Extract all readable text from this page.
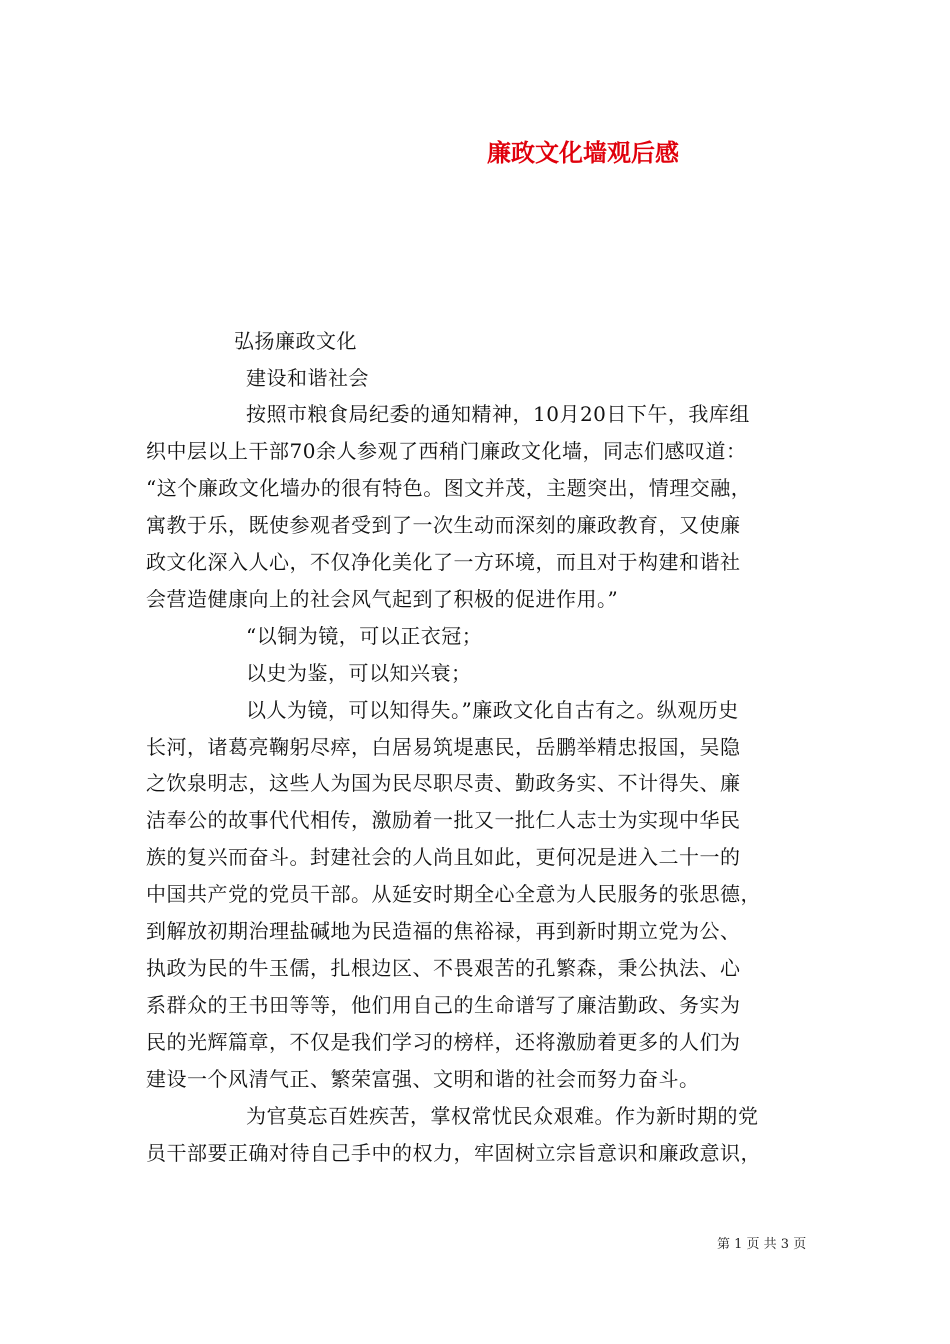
廉政文化墙观后感
弘扬廉政文化
建设和谐社会
按照市粮食局纪委的通知精神，10月20日下午，我库组
织中层以上干部70余人参观了西稍门廉政文化墙，同志们感叹道：
“这个廉政文化墙办的很有特色。图文并茂，主题突出，情理交融，
寓教于乐，既使参观者受到了一次生动而深刻的廉政教育，又使廉
政文化深入人心，不仅净化美化了一方环境，而且对于构建和谐社
会营造健康向上的社会风气起到了积极的促进作用。”
“以铜为镜，可以正衣冠；
以史为鉴，可以知兴衰；
以人为镜，可以知得失。”廉政文化自古有之。纵观历史
长河，诸葛亮鞠躬尽瘁，白居易筑堤惠民，岳鹏举精忠报国，吴隐
之饮泉明志，这些人为国为民尽职尽责、勤政务实、不计得失、廉
洁奉公的故事代代相传，激励着一批又一批仁人志士为实现中华民
族的复兴而奋斗。封建社会的人尚且如此，更何况是进入二十一的
中国共产党的党员干部。从延安时期全心全意为人民服务的张思德，
到解放初期治理盐碱地为民造福的焦裕禄，再到新时期立党为公、
执政为民的牛玉儒，扎根边区、不畏艰苦的孔繁森，秉公执法、心
系群众的王书田等等，他们用自己的生命谱写了廉洁勤政、务实为
民的光辉篇章，不仅是我们学习的榜样，还将激励着更多的人们为
建设一个风清气正、繁荣富强、文明和谐的社会而努力奋斗。
为官莫忘百姓疾苦，掌权常忧民众艰难。作为新时期的党
员干部要正确对待自己手中的权力，牢固树立宗旨意识和廉政意识，
第 1 页 共 3 页
